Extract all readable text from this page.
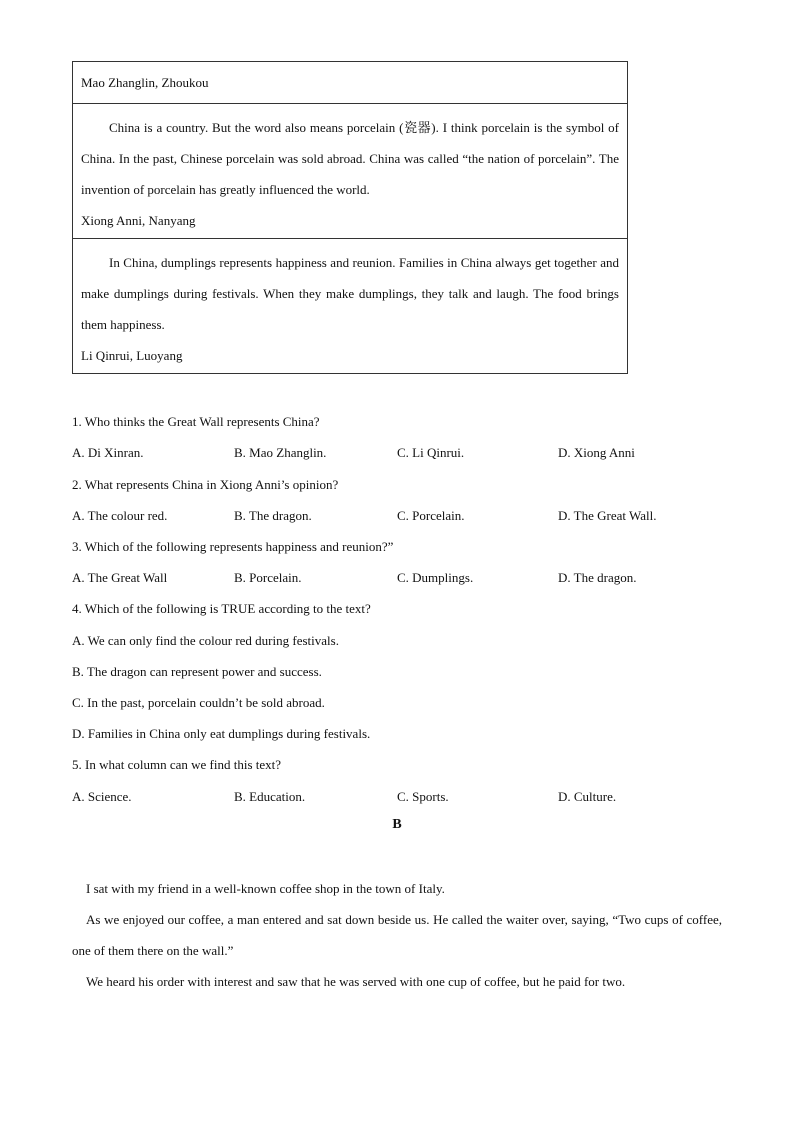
Mao Zhanglin, Zhoukou

China is a country. But the word also means porcelain (瓷器). I think porcelain is the symbol of China. In the past, Chinese porcelain was sold abroad. China was called “the nation of porcelain”. The invention of porcelain has greatly influenced the world.

Xiong Anni, Nanyang

In China, dumplings represents happiness and reunion. Families in China always get together and make dumplings during festivals. When they make dumplings, they talk and laugh. The food brings them happiness.

Li Qinrui, Luoyang
1. Who thinks the Great Wall represents China?
A. Di Xinran.	B. Mao Zhanglin.	C. Li Qinrui.	D. Xiong Anni
2. What represents China in Xiong Anni’s opinion?
A. The colour red.	B. The dragon.	C. Porcelain.	D. The Great Wall.
3. Which of the following represents happiness and reunion?”
A. The Great Wall	B. Porcelain.	C. Dumplings.	D. The dragon.
4. Which of the following is TRUE according to the text?
A. We can only find the colour red during festivals.
B. The dragon can represent power and success.
C. In the past, porcelain couldn’t be sold abroad.
D. Families in China only eat dumplings during festivals.
5. In what column can we find this text?
A. Science.	B. Education.	C. Sports.	D. Culture.
B

I sat with my friend in a well-known coffee shop in the town of Italy.

As we enjoyed our coffee, a man entered and sat down beside us. He called the waiter over, saying, “Two cups of coffee, one of them there on the wall.”

We heard his order with interest and saw that he was served with one cup of coffee, but he paid for two.
